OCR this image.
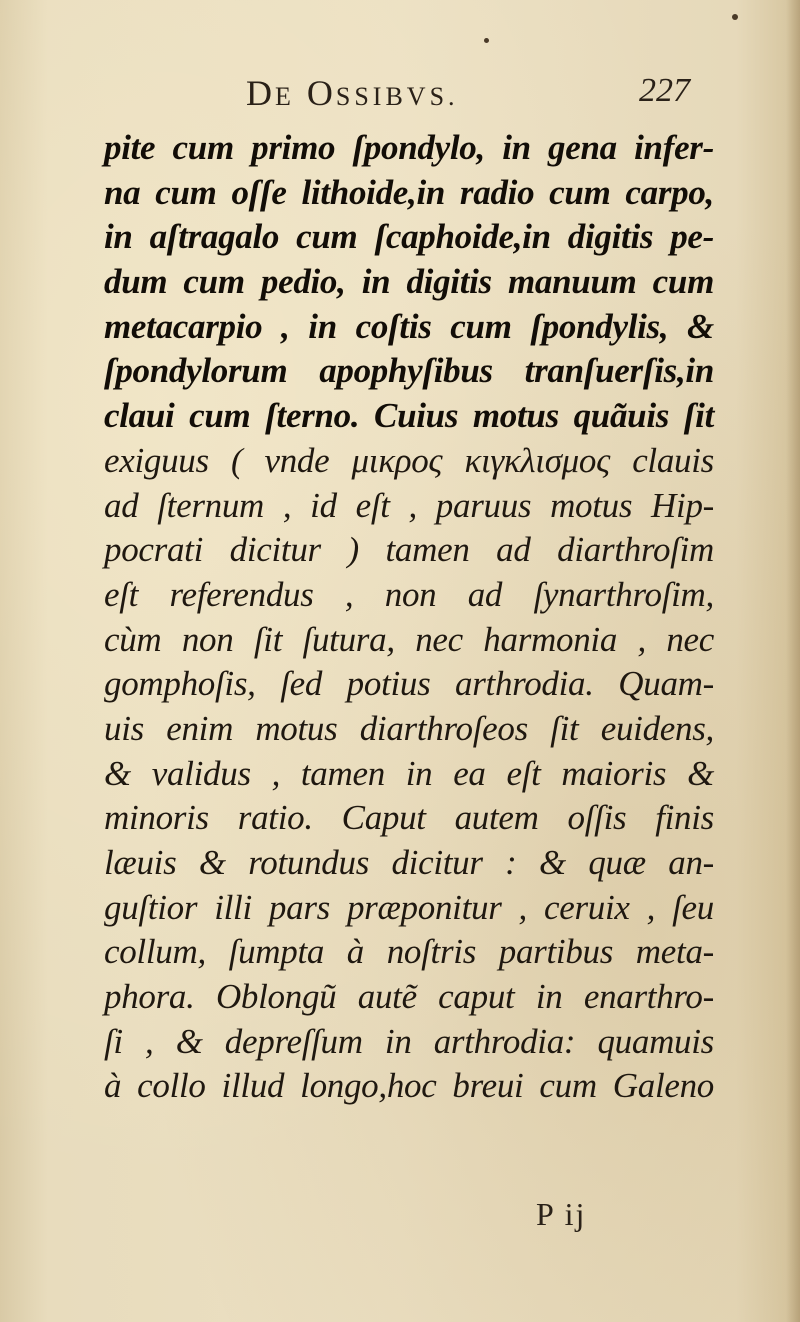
DE OSSIBVS.	227
pite cum primo ſpondylo, in gena infer-
na cum oſſe lithoide,in radio cum carpo,
in aſtragalo cum ſcaphoide,in digitis pe-
dum cum pedio, in digitis manuum cum
metacarpio , in coſtis cum ſpondylis, &
ſpondylorum apophyſibus tranſuerſis,in
claui cum ſterno. Cuius motus quãuis ſit
exiguus ( vnde μικρος κιγκλισμος clauis
ad ſternum , id eſt , paruus motus Hip-
pocrati dicitur ) tamen ad diarthroſim
eſt referendus , non ad ſynarthroſim,
cùm non ſit ſutura, nec harmonia , nec
gomphoſis, ſed potius arthrodia. Quam-
uis enim motus diarthroſeos ſit euidens,
& validus , tamen in ea eſt maioris &
minoris ratio. Caput autem oſſis finis
læuis & rotundus dicitur : & quæ an-
guſtior illi pars præponitur , ceruix , ſeu
collum, ſumpta à noſtris partibus meta-
phora. Oblongũ autẽ caput in enarthro-
ſi , & depreſſum in arthrodia: quamuis
à collo illud longo,hoc breui cum Galeno
P ij
